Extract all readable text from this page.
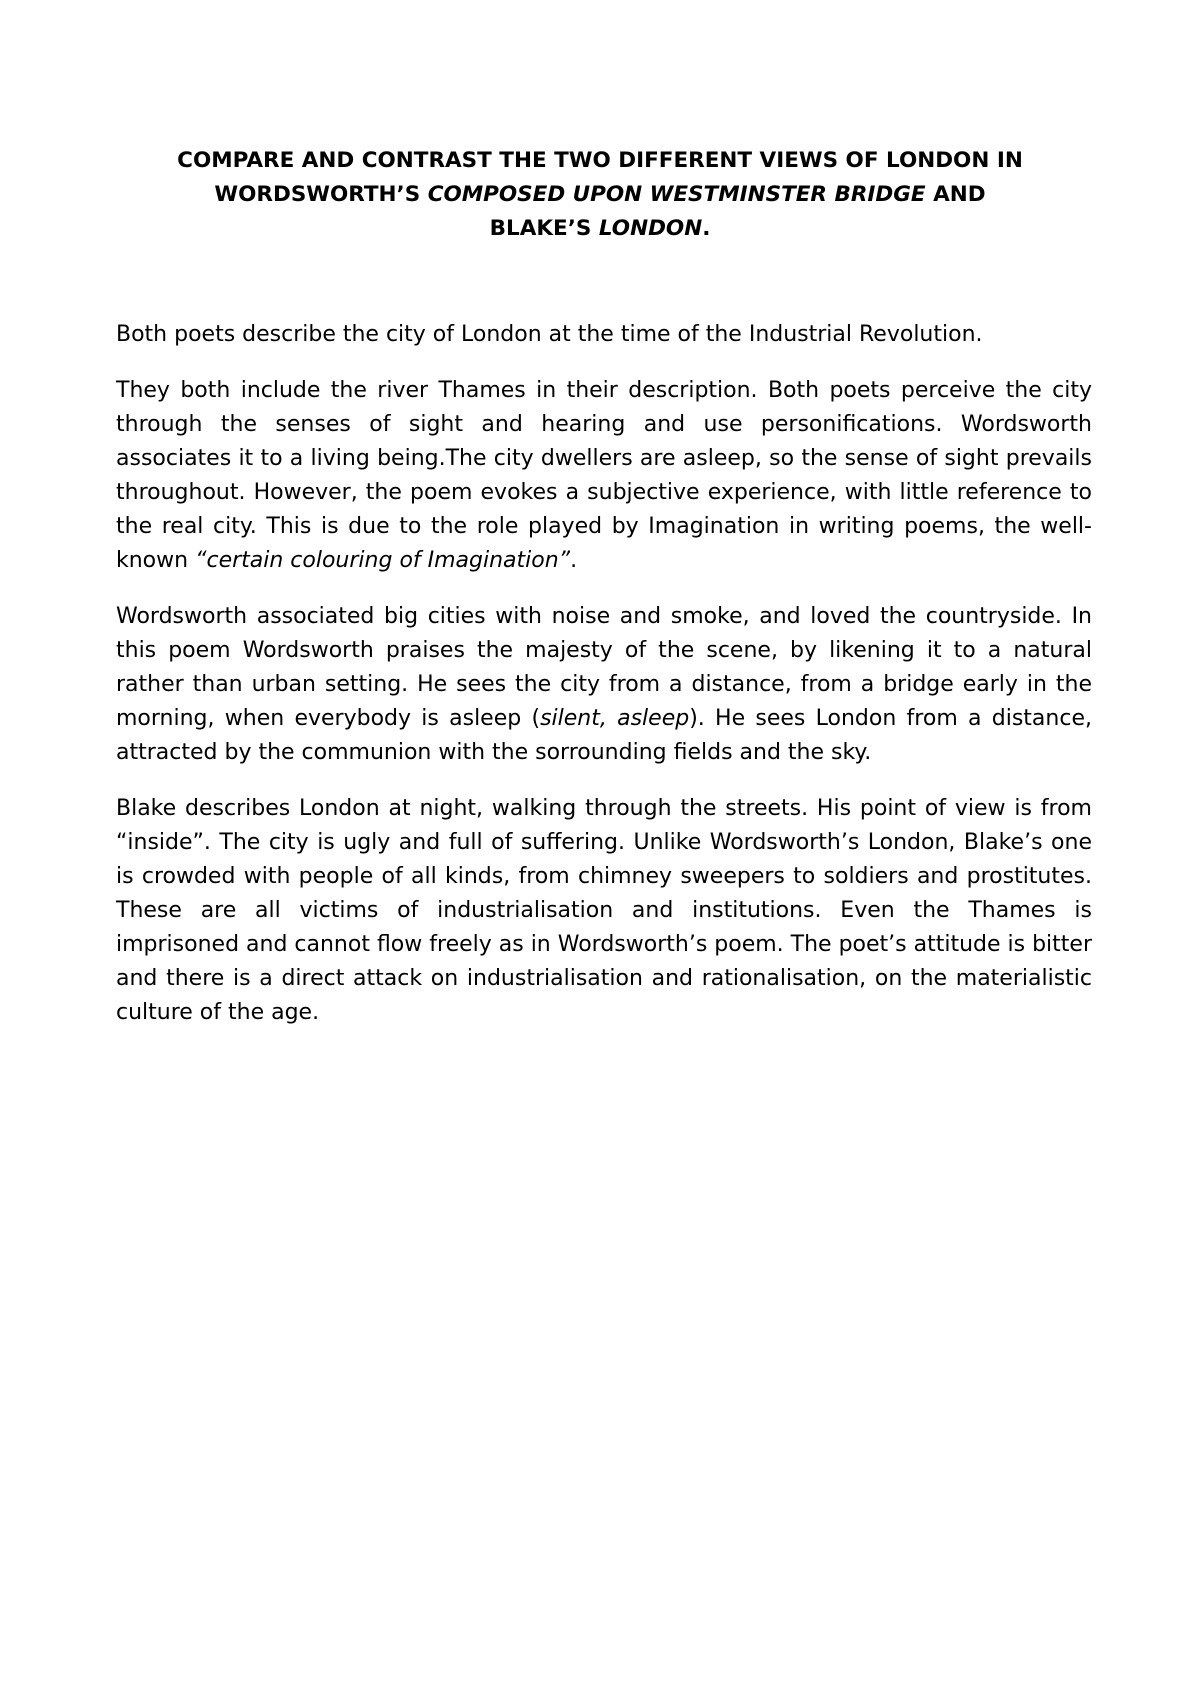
COMPARE AND CONTRAST THE TWO DIFFERENT VIEWS OF LONDON IN
WORDSWORTH’S COMPOSED UPON WESTMINSTER BRIDGE AND
BLAKE’S LONDON.

Both poets describe the city of London at the time of the Industrial Revolution.

They both include the river Thames in their description. Both poets perceive the city through the senses of sight and hearing and use personifications. Wordsworth associates it to a living being.The city dwellers are asleep, so the sense of sight prevails throughout. However, the poem evokes a subjective experience, with little reference to the real city. This is due to the role played by Imagination in writing poems, the well-known “certain colouring of Imagination”.

Wordsworth associated big cities with noise and smoke, and loved the countryside. In this poem Wordsworth praises the majesty of the scene, by likening it to a natural rather than urban setting. He sees the city from a distance, from a bridge early in the morning, when everybody is asleep (silent, asleep). He sees London from a distance, attracted by the communion with the sorrounding fields and the sky.

Blake describes London at night, walking through the streets. His point of view is from “inside”. The city is ugly and full of suffering. Unlike Wordsworth’s London, Blake’s one is crowded with people of all kinds, from chimney sweepers to soldiers and prostitutes. These are all victims of industrialisation and institutions. Even the Thames is imprisoned and cannot flow freely as in Wordsworth’s poem. The poet’s attitude is bitter and there is a direct attack on industrialisation and rationalisation, on the materialistic culture of the age.
